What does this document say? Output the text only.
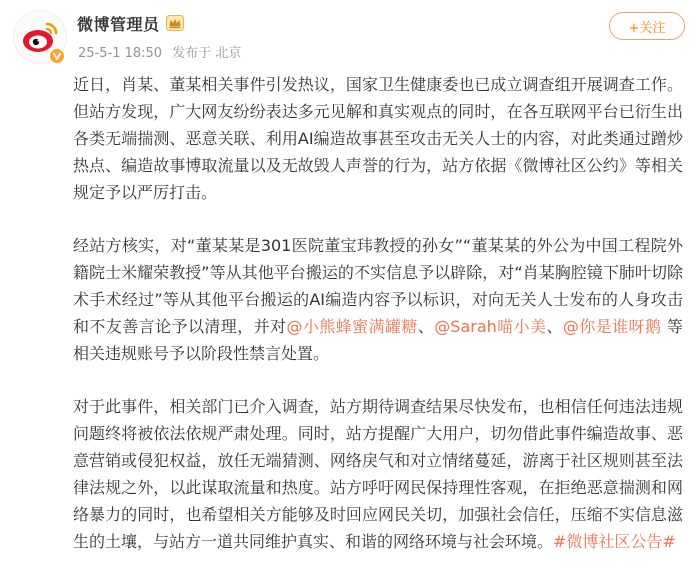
微博管理员
25-5-1 18:50 发布于 北京
+关注

近日，肖某、董某相关事件引发热议，国家卫生健康委也已成立调查组开展调查工作。但站方发现，广大网友纷纷表达多元见解和真实观点的同时，在各互联网平台已衍生出各类无端揣测、恶意关联、利用AI编造故事甚至攻击无关人士的内容，对此类通过蹭炒热点、编造故事博取流量以及无故毁人声誉的行为，站方依据《微博社区公约》等相关规定予以严厉打击。

经站方核实，对“董某某是301医院董宝玮教授的孙女”“董某某的外公为中国工程院外籍院士米耀荣教授”等从其他平台搬运的不实信息予以辟除，对“肖某胸腔镜下肺叶切除术手术经过”等从其他平台搬运的AI编造内容予以标识，对向无关人士发布的人身攻击和不友善言论予以清理，并对@小熊蜂蜜满罐糖、@Sarah喵小美、@你是谁呀鹅 等相关违规账号予以阶段性禁言处置。

对于此事件，相关部门已介入调查，站方期待调查结果尽快发布，也相信任何违法违规问题终将被依法依规严肃处理。同时，站方提醒广大用户，切勿借此事件编造故事、恶意营销或侵犯权益，放任无端猜测、网络戾气和对立情绪蔓延，游离于社区规则甚至法律法规之外，以此谋取流量和热度。站方呼吁网民保持理性客观，在拒绝恶意揣测和网络暴力的同时，也希望相关方能够及时回应网民关切，加强社会信任，压缩不实信息滋生的土壤，与站方一道共同维护真实、和谐的网络环境与社会环境。#微博社区公告#
